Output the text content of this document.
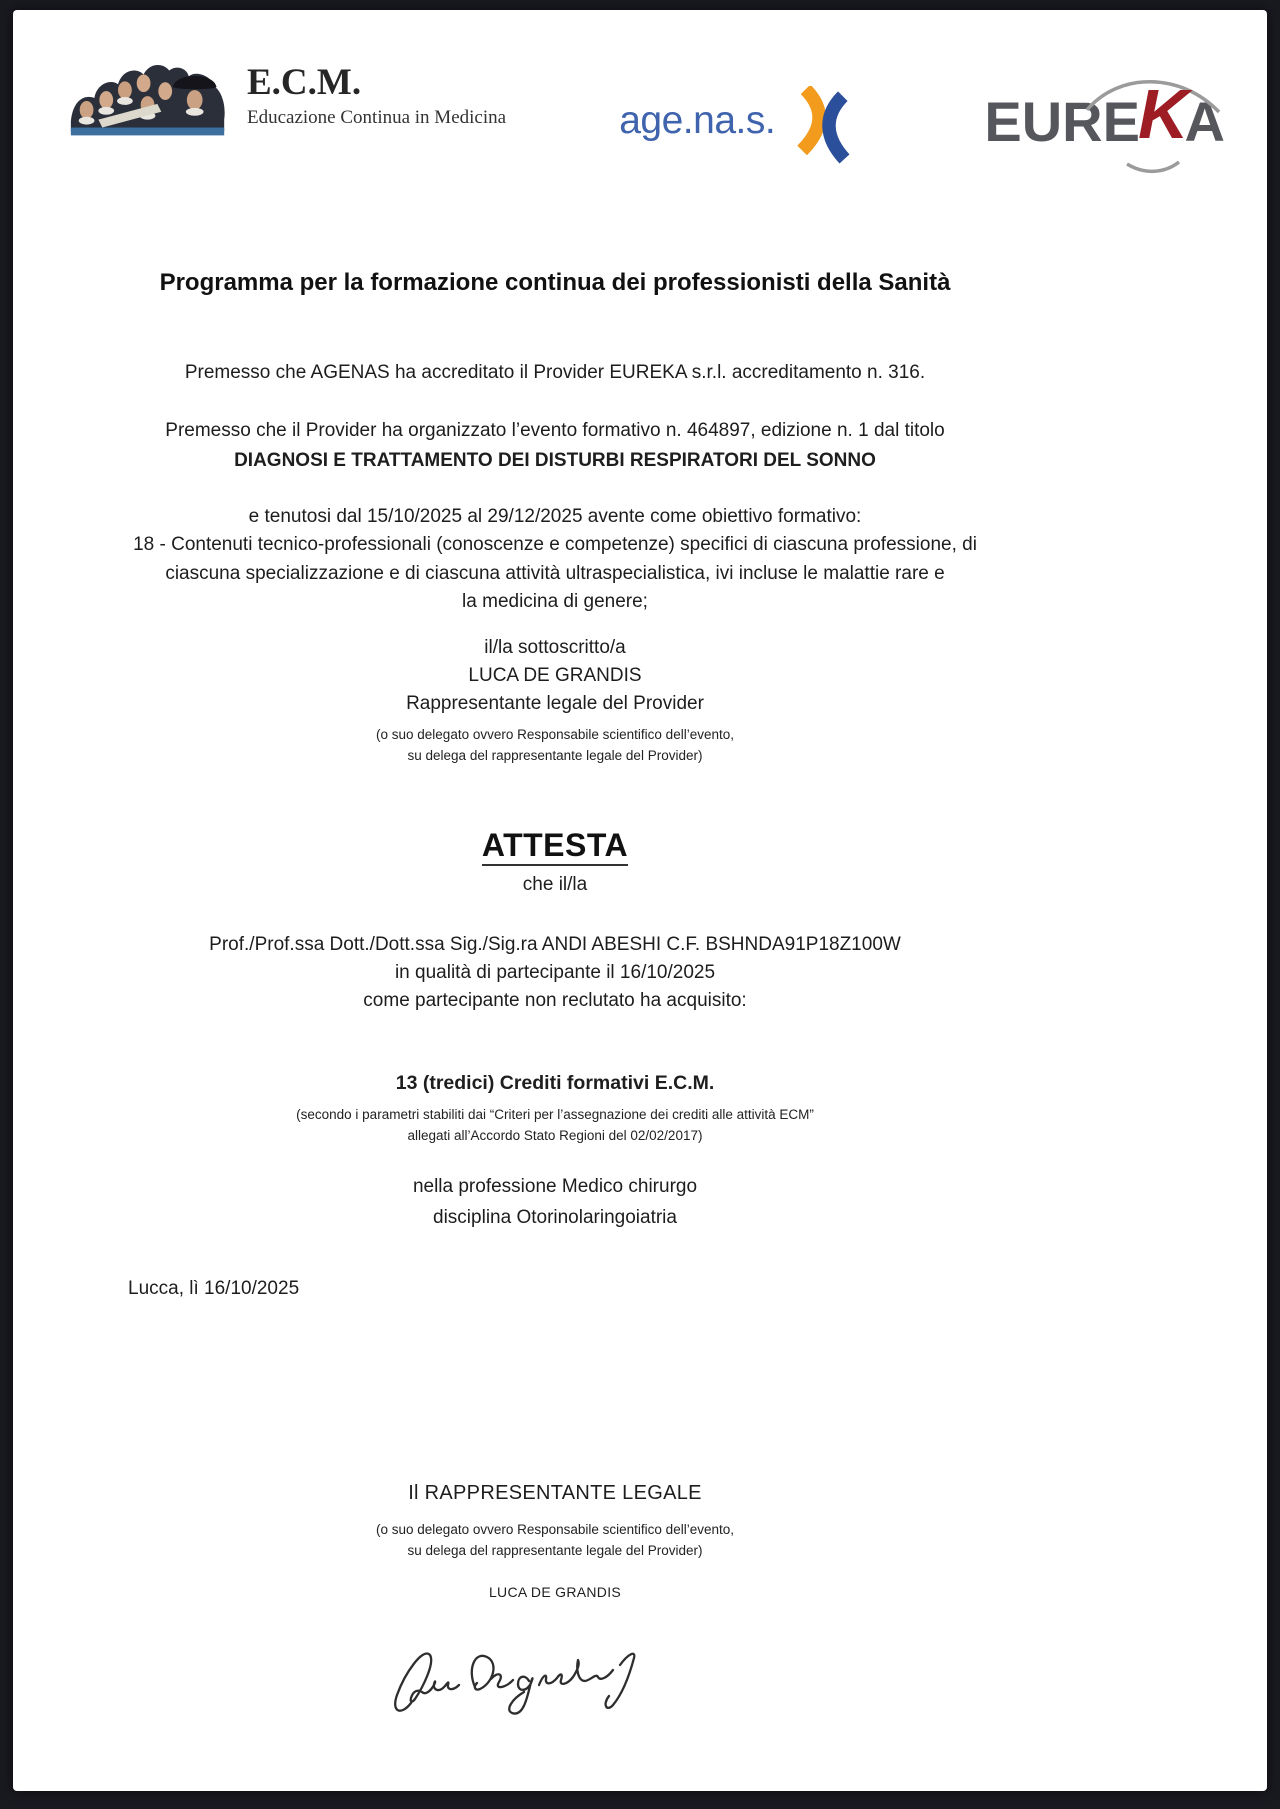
E.C.M.
Educazione Continua in Medicina	age.na.s.	EURE
K
A
Programma per la formazione continua dei professionisti della Sanità
Premesso che AGENAS ha accreditato il Provider EUREKA s.r.l. accreditamento n. 316.
Premesso che il Provider ha organizzato l’evento formativo n. 464897, edizione n. 1 dal titolo
DIAGNOSI E TRATTAMENTO DEI DISTURBI RESPIRATORI DEL SONNO
e tenutosi dal 15/10/2025 al 29/12/2025 avente come obiettivo formativo:
18 - Contenuti tecnico-professionali (conoscenze e competenze) specifici di ciascuna professione, di
ciascuna specializzazione e di ciascuna attività ultraspecialistica, ivi incluse le malattie rare e
la medicina di genere;
il/la sottoscritto/a
LUCA DE GRANDIS
Rappresentante legale del Provider
(o suo delegato ovvero Responsabile scientifico dell’evento,
su delega del rappresentante legale del Provider)
ATTESTA
che il/la
Prof./Prof.ssa Dott./Dott.ssa Sig./Sig.ra ANDI ABESHI C.F. BSHNDA91P18Z100W
in qualità di partecipante il 16/10/2025
come partecipante non reclutato ha acquisito:
13 (tredici) Crediti formativi E.C.M.
(secondo i parametri stabiliti dai “Criteri per l’assegnazione dei crediti alle attività ECM”
allegati all’Accordo Stato Regioni del 02/02/2017)
nella professione Medico chirurgo
disciplina Otorinolaringoiatria
Lucca, lì 16/10/2025
Il RAPPRESENTANTE LEGALE
(o suo delegato ovvero Responsabile scientifico dell’evento,
su delega del rappresentante legale del Provider)
LUCA DE GRANDIS
